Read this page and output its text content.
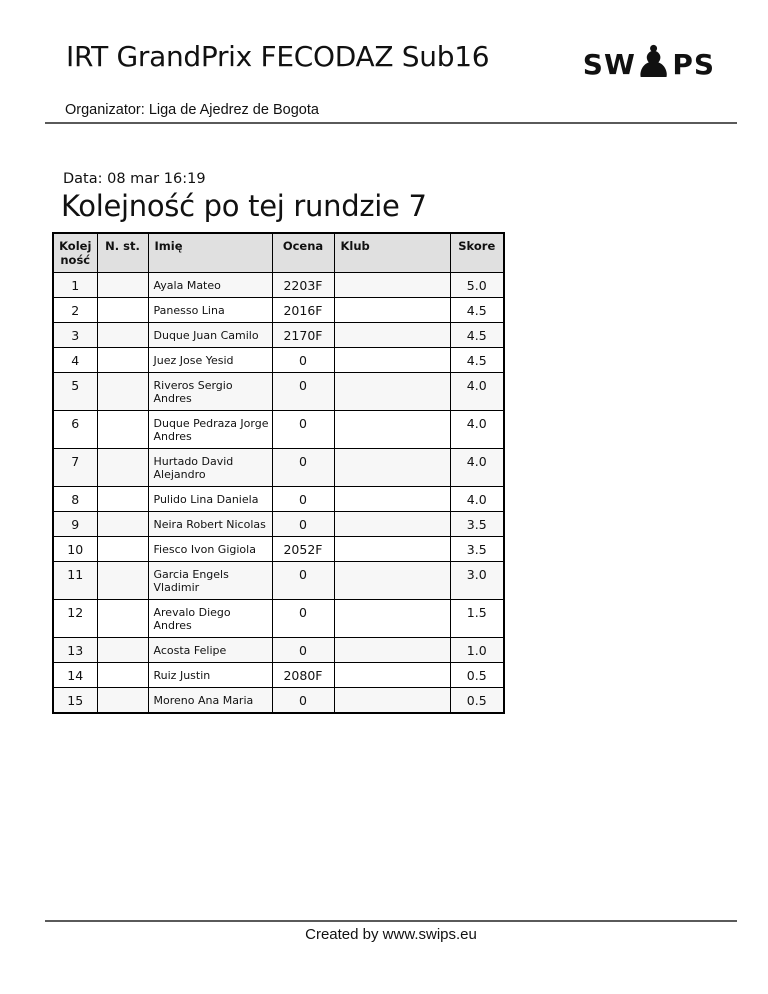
IRT GrandPrix FECODAZ Sub16	SW
♟
PS
Organizator: Liga de Ajedrez de Bogota
Data: 08 mar 16:19
Kolejność po tej rundzie 7
Kolejność	N. st.	Imię	Ocena	Klub	Skore
1		Ayala Mateo	2203F		5.0
2		Panesso Lina	2016F		4.5
3		Duque Juan Camilo	2170F		4.5
4		Juez Jose Yesid	0		4.5
5		Riveros Sergio Andres	0		4.0
6		Duque Pedraza Jorge Andres	0		4.0
7		Hurtado David Alejandro	0		4.0
8		Pulido Lina Daniela	0		4.0
9		Neira Robert Nicolas	0		3.5
10		Fiesco Ivon Gigiola	2052F		3.5
11		Garcia Engels Vladimir	0		3.0
12		Arevalo Diego Andres	0		1.5
13		Acosta Felipe	0		1.0
14		Ruiz Justin	2080F		0.5
15		Moreno Ana Maria	0		0.5
Created by www.swips.eu
